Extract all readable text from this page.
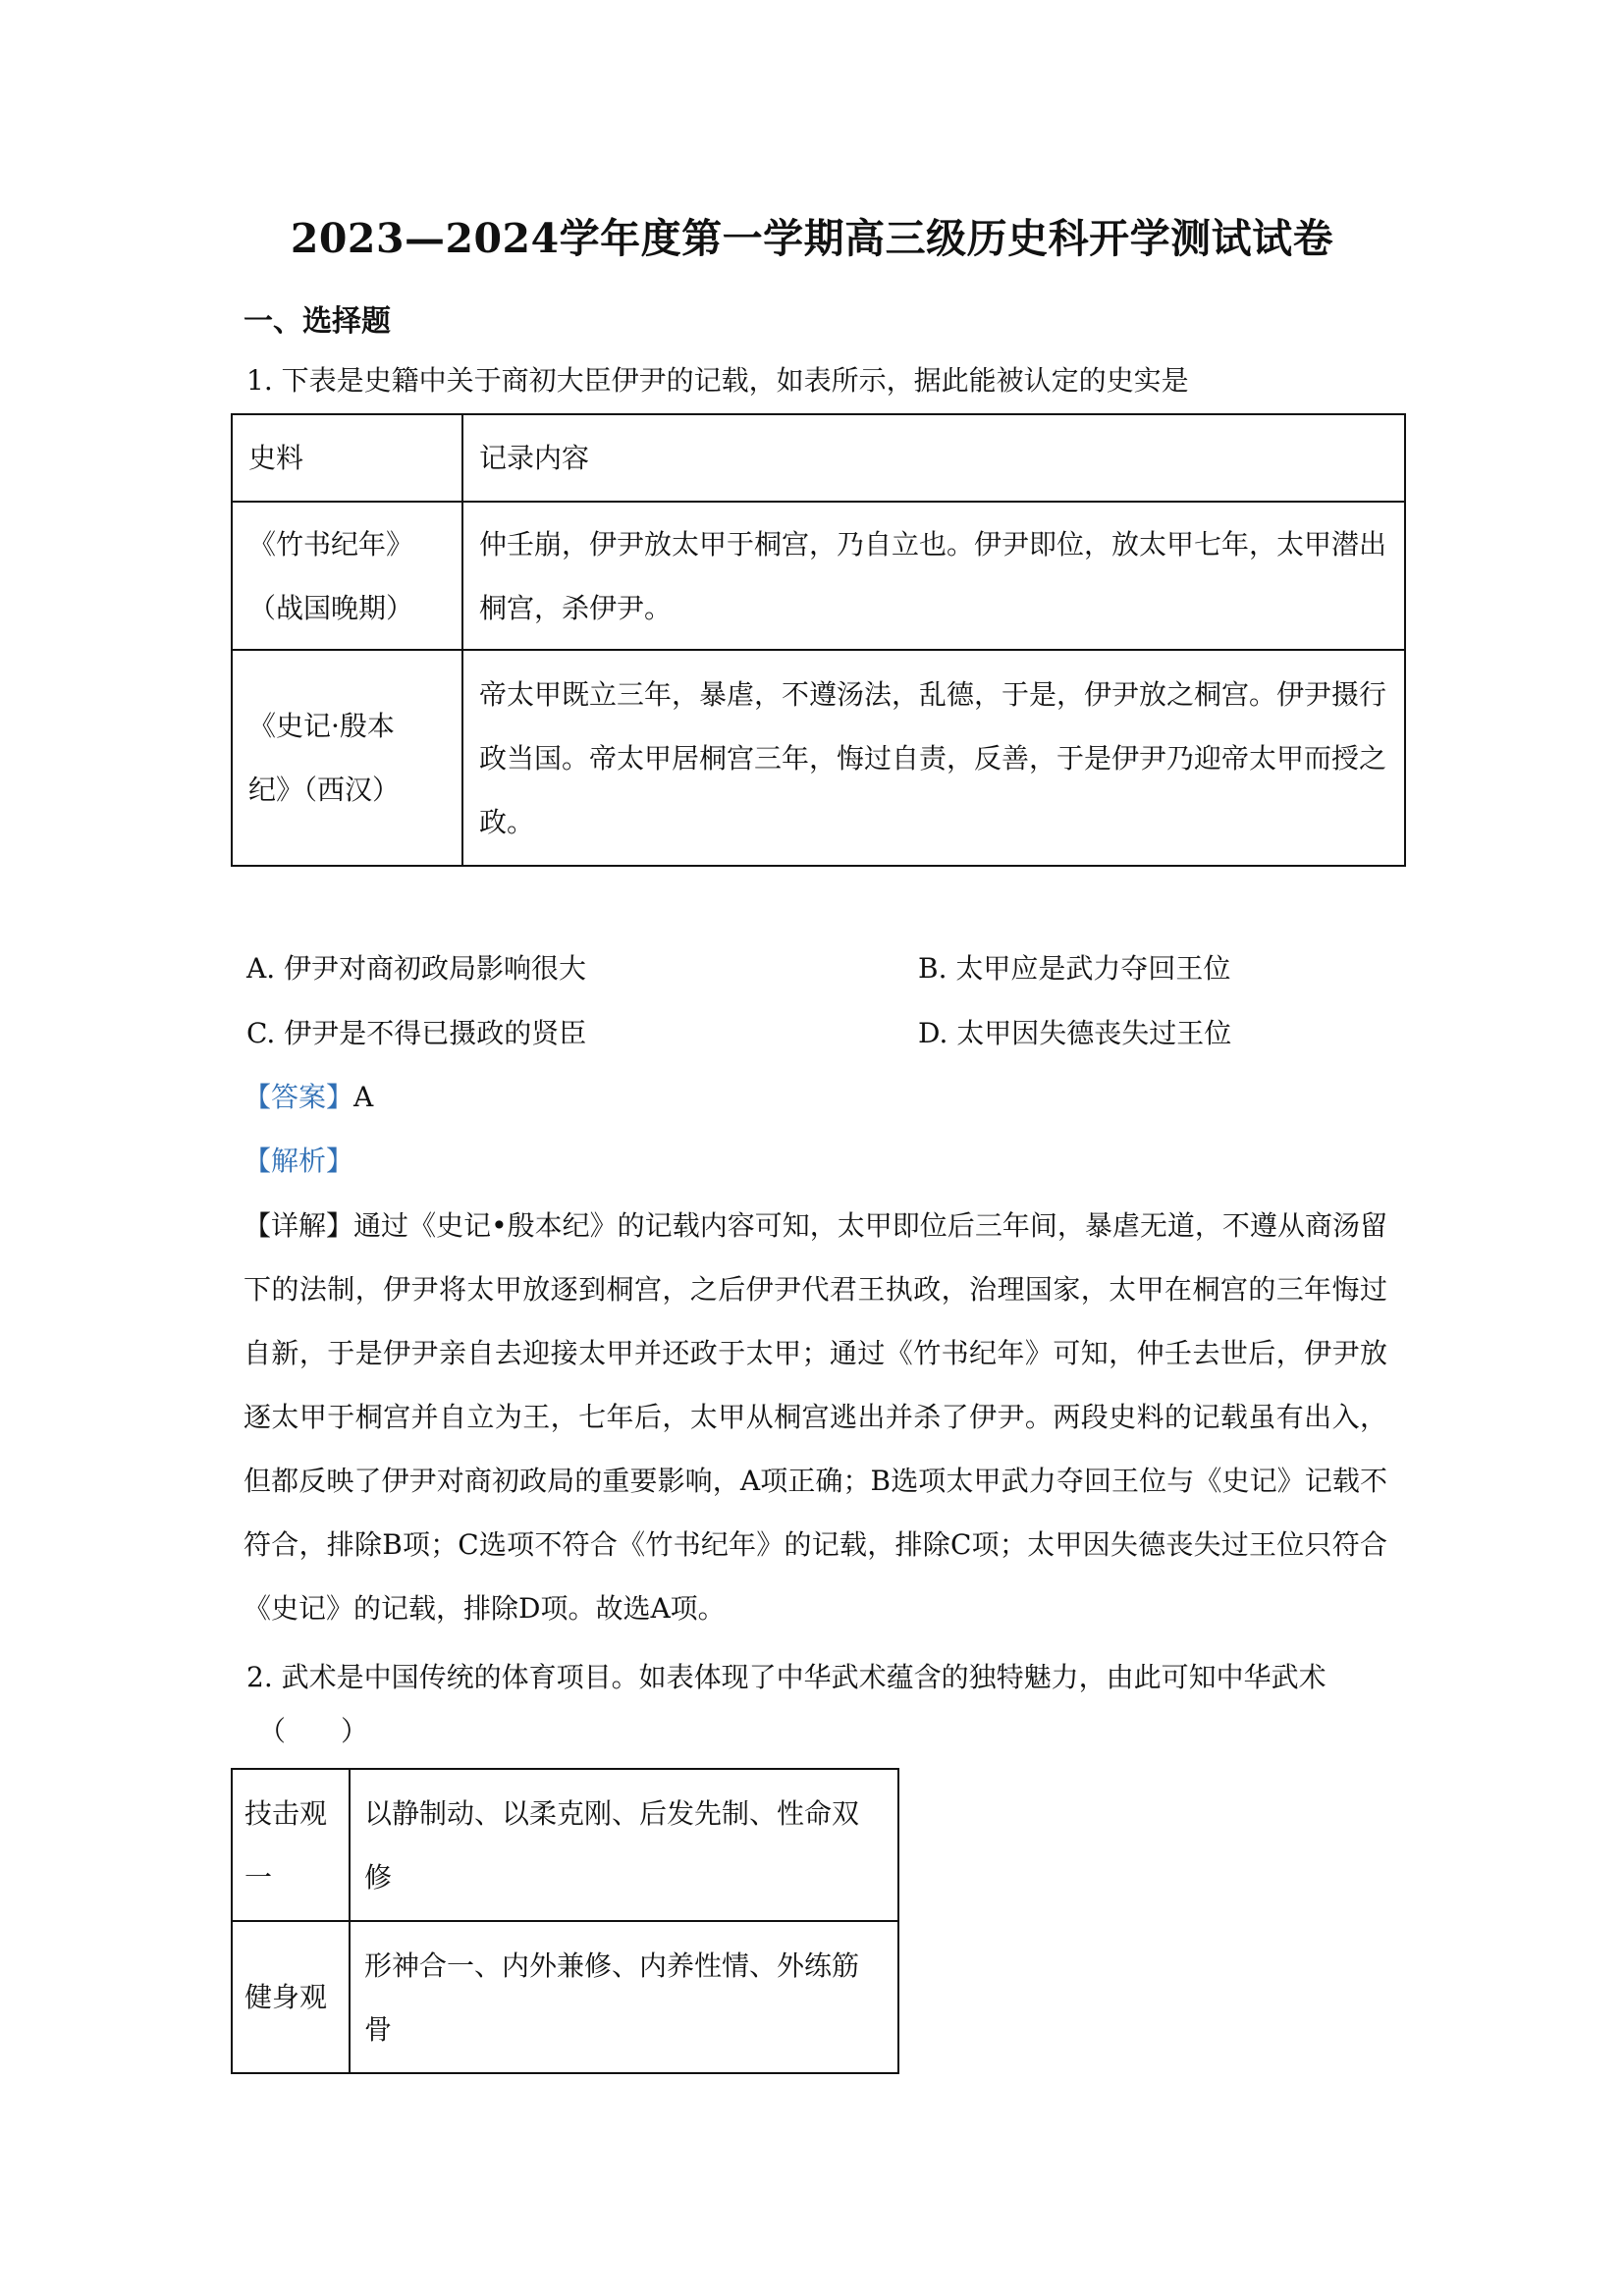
2023—2024学年度第一学期高三级历史科开学测试试卷
一、选择题
1. 下表是史籍中关于商初大臣伊尹的记载，如表所示，据此能被认定的史实是
史料	记录内容

《竹书纪年》
（战国晚期）	仲壬崩，伊尹放太甲于桐宫，乃自立也。伊尹即位，放太甲七年，太甲潜出桐宫，杀伊尹。

《史记·殷本
纪》（西汉）	帝太甲既立三年，暴虐，不遵汤法，乱德，于是，伊尹放之桐宫。伊尹摄行政当国。帝太甲居桐宫三年，悔过自责，反善，于是伊尹乃迎帝太甲而授之政。
A. 伊尹对商初政局影响很大	B. 太甲应是武力夺回王位
C. 伊尹是不得已摄政的贤臣	D. 太甲因失德丧失过王位
【答案】A
【解析】
【详解】通过《史记•殷本纪》的记载内容可知，太甲即位后三年间，暴虐无道，不遵从商汤留下的法制，伊尹将太甲放逐到桐宫，之后伊尹代君王执政，治理国家，太甲在桐宫的三年悔过自新，于是伊尹亲自去迎接太甲并还政于太甲；通过《竹书纪年》可知，仲壬去世后，伊尹放逐太甲于桐宫并自立为王，七年后，太甲从桐宫逃出并杀了伊尹。两段史料的记载虽有出入，但都反映了伊尹对商初政局的重要影响，A项正确；B选项太甲武力夺回王位与《史记》记载不符合，排除B项；C选项不符合《竹书纪年》的记载，排除C项；太甲因失德丧失过王位只符合《史记》的记载，排除D项。故选A项。
2. 武术是中国传统的体育项目。如表体现了中华武术蕴含的独特魅力，由此可知中华武术
（　　）
技击观一	以静制动、以柔克刚、后发先制、性命双修
健身观	形神合一、内外兼修、内养性情、外练筋骨
